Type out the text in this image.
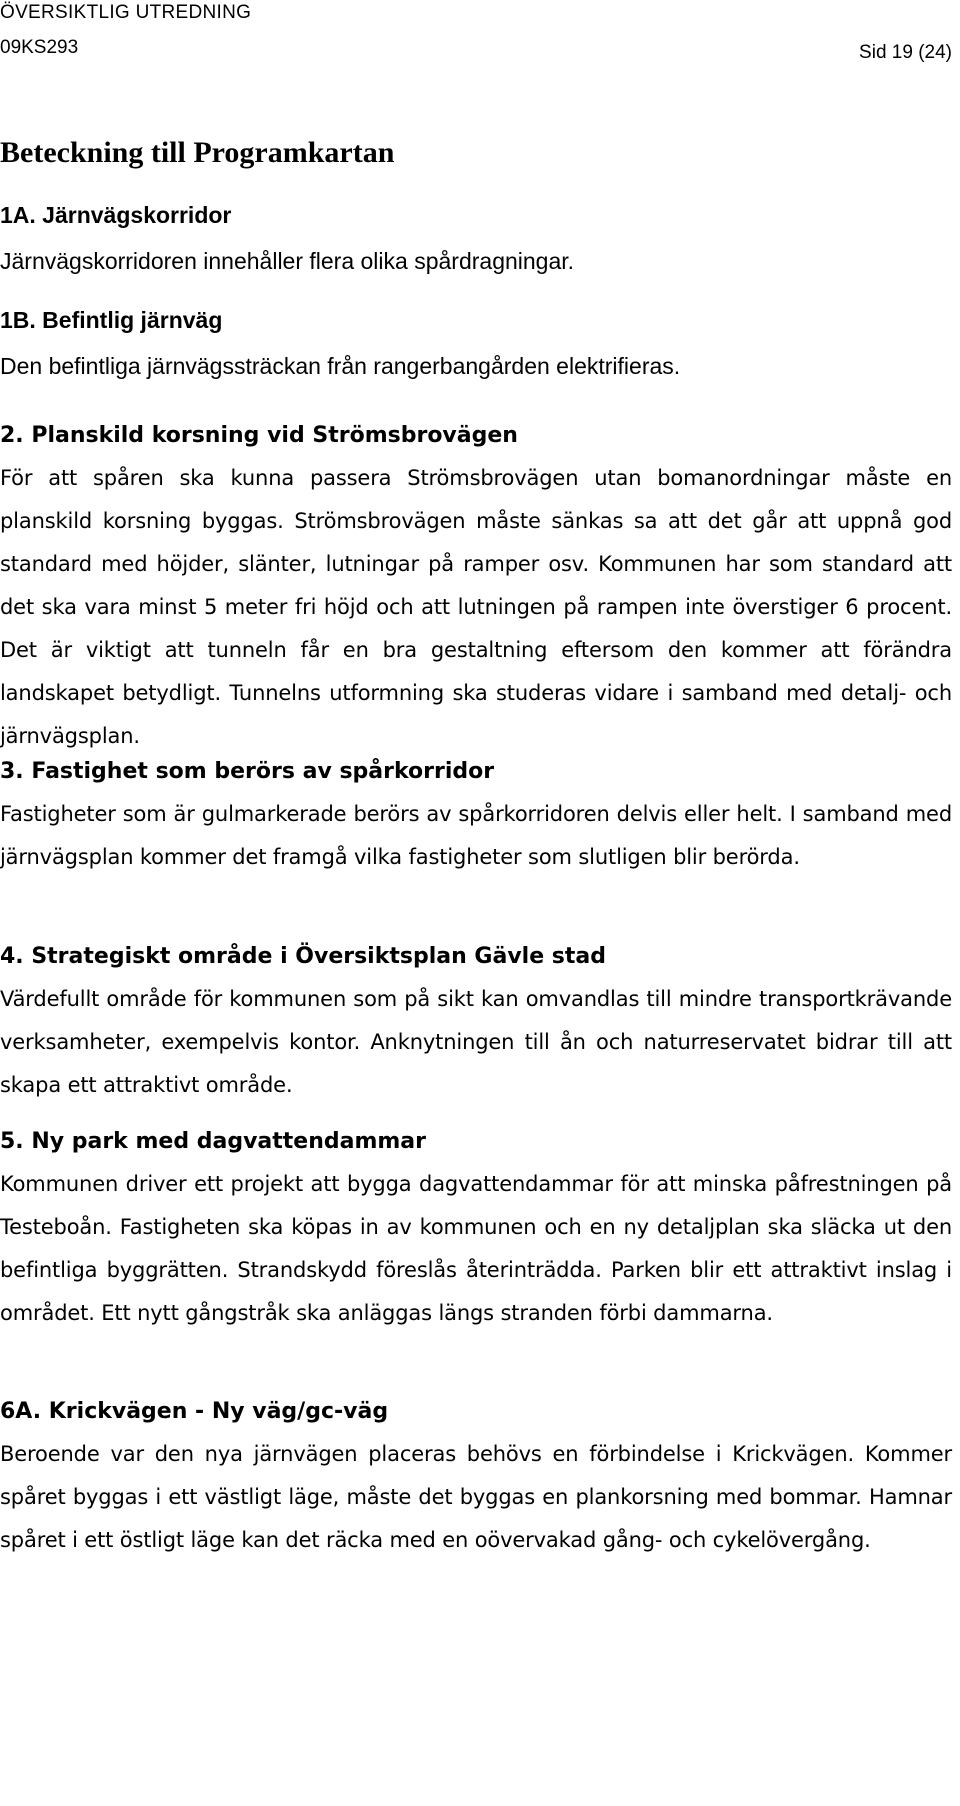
ÖVERSIKTLIG UTREDNING
09KS293	Sid 19 (24)
Beteckning till Programkartan
1A. Järnvägskorridor

Järnvägskorridoren innehåller flera olika spårdragningar.

1B. Befintlig järnväg

Den befintliga järnvägssträckan från rangerbangården elektrifieras.

2. Planskild korsning vid Strömsbrovägen

För att spåren ska kunna passera Strömsbrovägen utan bomanordningar måste en planskild korsning byggas. Strömsbrovägen måste sänkas sa att det går att uppnå god standard med höjder, slänter, lutningar på ramper osv. Kommunen har som standard att det ska vara minst 5 meter fri höjd och att lutningen på rampen inte överstiger 6 procent. Det är viktigt att tunneln får en bra gestaltning eftersom den kommer att förändra landskapet betydligt. Tunnelns utformning ska studeras vidare i samband med detalj- och järnvägsplan.

3. Fastighet som berörs av spårkorridor

Fastigheter som är gulmarkerade berörs av spårkorridoren delvis eller helt. I samband med järnvägsplan kommer det framgå vilka fastigheter som slutligen blir berörda.

4. Strategiskt område i Översiktsplan Gävle stad

Värdefullt område för kommunen som på sikt kan omvandlas till mindre transportkrävande verksamheter, exempelvis kontor. Anknytningen till ån och naturreservatet bidrar till att skapa ett attraktivt område.

5. Ny park med dagvattendammar

Kommunen driver ett projekt att bygga dagvattendammar för att minska påfrestningen på Testeboån. Fastigheten ska köpas in av kommunen och en ny detaljplan ska släcka ut den befintliga byggrätten. Strandskydd föreslås återinträdda. Parken blir ett attraktivt inslag i området. Ett nytt gångstråk ska anläggas längs stranden förbi dammarna.

6A. Krickvägen - Ny väg/gc-väg

Beroende var den nya järnvägen placeras behövs en förbindelse i Krickvägen. Kommer spåret byggas i ett västligt läge, måste det byggas en plankorsning med bommar. Hamnar spåret i ett östligt läge kan det räcka med en oövervakad gång- och cykelövergång.
